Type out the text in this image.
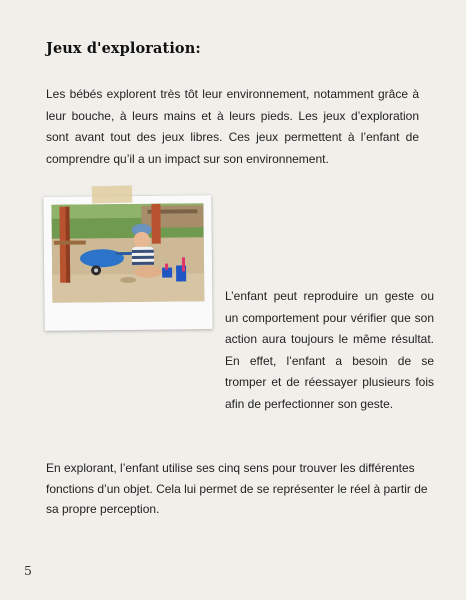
Jeux d'exploration:

Les bébés explorent très tôt leur environnement, notamment grâce à leur bouche, à leurs mains et à leurs pieds. Les jeux d’exploration sont avant tout des jeux libres. Ces jeux permettent à l’enfant de comprendre qu’il a un impact sur son environnement.

L’enfant peut reproduire un geste ou un comportement pour vérifier que son action aura toujours le même résultat. En effet, l’enfant a besoin de se tromper et de réessayer plusieurs fois afin de perfectionner son geste.

En explorant, l’enfant utilise ses cinq sens pour trouver les différentes fonctions d’un objet. Cela lui permet de se représenter le réel à partir de sa propre perception.

5
